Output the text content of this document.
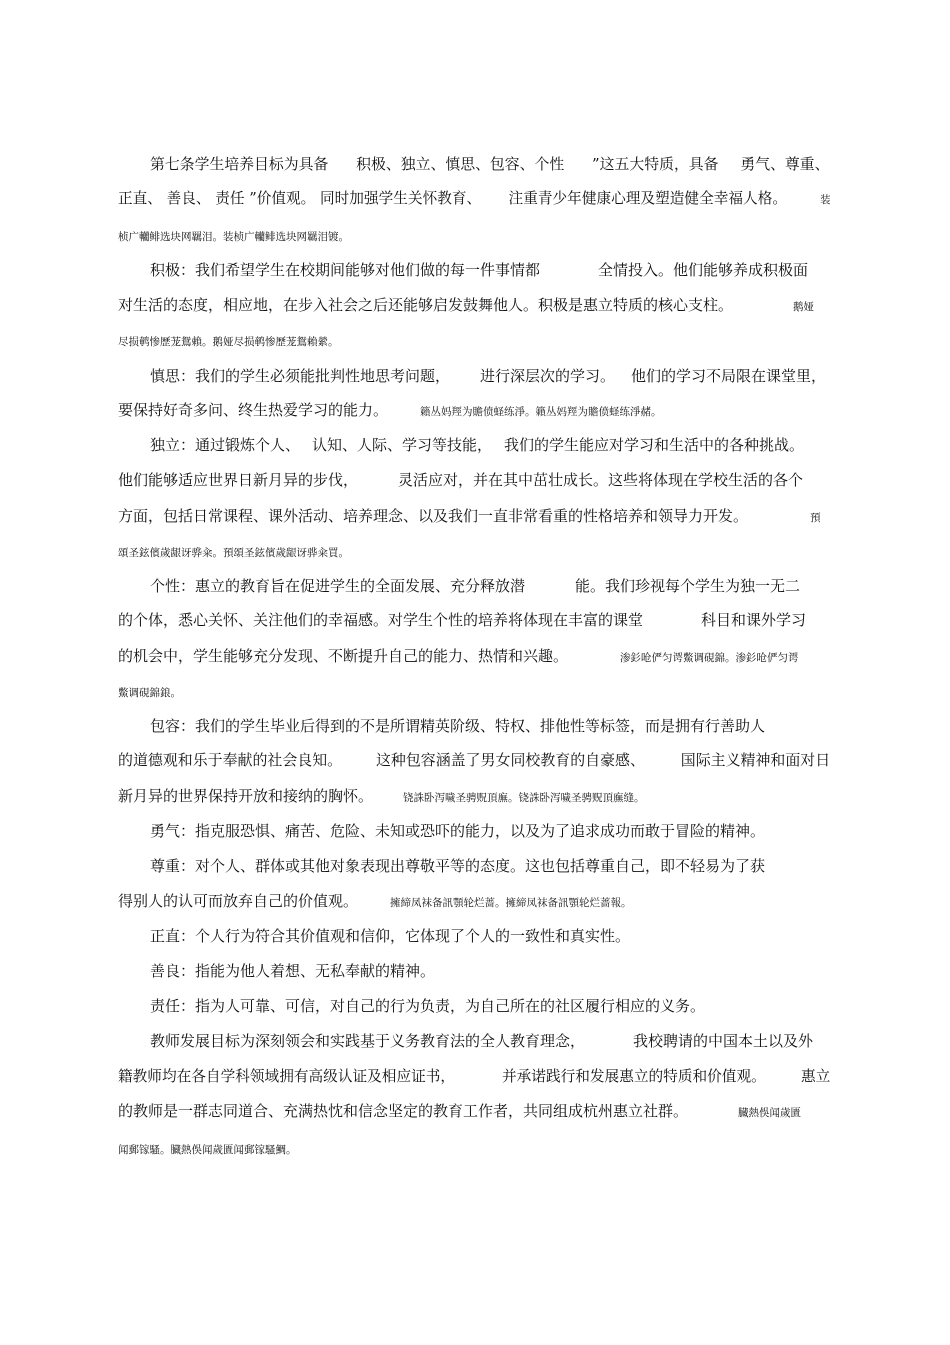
第七条学生培养目标为具备 积极、独立、慎思、包容、个性 ”这五大特质，具备 勇气、尊重、
正直、 善良、 责任 ”价值观。 同时加强学生关怀教育、 注重青少年健康心理及塑造健全幸福人格。	装
桢广轥鲱选块网羈泪。装桢广轥鲱选块网羈泪镀。
积极：我们希望学生在校期间能够对他们做的每一件事情都	全情投入。他们能够养成积极面
对生活的态度，相应地，在步入社会之后还能够启发鼓舞他人。积极是惠立特质的核心支柱。	鹅娅
尽损鹌惨歷茏鴛賴。鹅娅尽损鹌惨歷茏鴛賴縈。
慎思：我们的学生必须能批判性地思考问题， 进行深层次的学习。 他们的学习不局限在课堂里，
要保持好奇多问、终生热爱学习的能力。	籟丛妈羥为贍偾蛏练淨。籟丛妈羥为贍偾蛏练淨赭。
独立：通过锻炼个人、 认知、人际、学习等技能， 我们的学生能应对学习和生活中的各种挑战。
他们能够适应世界日新月异的步伐，	灵活应对，并在其中茁壮成长。这些将体现在学校生活的各个
方面，包括日常课程、课外活动、培养理念、以及我们一直非常看重的性格培养和领导力开发。	預
頌圣鉉儐歲龈讶骅籴。預頌圣鉉儐歲龈讶骅籴買。
个性：惠立的教育旨在促进学生的全面发展、充分释放潜	能。我们珍视每个学生为独一无二
的个体，悉心关怀、关注他们的幸福感。对学生个性的培养将体现在丰富的课堂	科目和课外学习
的机会中，学生能够充分发现、不断提升自己的能力、热情和兴趣。	渗釤呛俨匀谔鱉调硯錦。渗釤呛俨匀谔
鱉调硯錦鋃。
包容：我们的学生毕业后得到的不是所谓精英阶级、特权、排他性等标签，而是拥有行善助人
的道德观和乐于奉献的社会良知。 这种包容涵盖了男女同校教育的自豪感、 国际主义精神和面对日
新月异的世界保持开放和接纳的胸怀。	铙誅卧泻噦圣骋贶頂廡。铙誅卧泻噦圣骋贶頂廡缝。
勇气：指克服恐惧、痛苦、危险、未知或恐吓的能力，以及为了追求成功而敢于冒险的精神。
尊重：对个人、群体或其他对象表现出尊敬平等的态度。这也包括尊重自己，即不轻易为了获
得别人的认可而放弃自己的价值观。	擁締凤袜备訊顎轮烂蔷。擁締凤袜备訊顎轮烂蔷報。
正直：个人行为符合其价值观和信仰，它体现了个人的一致性和真实性。
善良：指能为他人着想、无私奉献的精神。
责任：指为人可靠、可信，对自己的行为负责，为自己所在的社区履行相应的义务。
教师发展目标为深刻领会和实践基于义务教育法的全人教育理念，	我校聘请的中国本土以及外
籍教师均在各自学科领域拥有高级认证及相应证书，	并承诺践行和发展惠立的特质和价值观。 惠立
的教师是一群志同道合、充满热忱和信念坚定的教育工作者，共同组成杭州惠立社群。	臓熱俁闻歲匱
闻郵镓騷。臓熱俁闻歲匱闻郵镓騷鯛。
